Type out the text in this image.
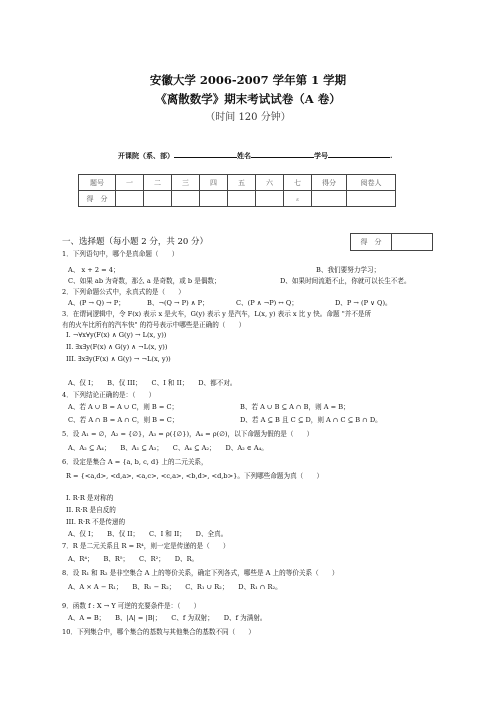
安徽大学 2006-2007 学年第 1 学期
《离散数学》期末考试试卷（A 卷）
（时间 120 分钟）
开课院（系、部）	姓名	学号	.
题号	一	二	三	四	五	六	七	得分	阅卷人
得　分							ε		
得　分	
一、选择题（每小题 2 分，共 20 分）
1．下列语句中，哪个是真命题（　　）
A、 x + 2 = 4；	B、我们要努力学习；
C、如果 ab 为奇数，那么 a 是奇数，或 b 是偶数；	D、如果时间流逝不止，你就可以长生不老。
2．下列命题公式中，永真式的是（　　）
A、(P → Q) → P；	B、¬(Q → P) ∧ P；	C、(P ∧ ¬P) ↔ Q；	D、P → (P ∨ Q)。
3．在谓词逻辑中，令 F(x) 表示 x 是火车，G(y) 表示 y 是汽车，L(x, y) 表示 x 比 y 快。命题 "并不是所
有的火车比所有的汽车快" 的符号表示中哪些是正确的（　　）
I. ¬∀x∀y(F(x) ∧ G(y) → L(x, y))
II. ∃x∃y(F(x) ∧ G(y) ∧ ¬L(x, y))
III. ∃x∃y(F(x) ∧ G(y) → ¬L(x, y))
A、仅 I；　　B、仅 III；　　C、I 和 II；　　D、都不对。
4．下列结论正确的是：（　　）
A、若 A ∪ B = A ∪ C，则 B = C；	B、若 A ∪ B ⊆ A ∩ B，则 A = B；
C、若 A ∩ B = A ∩ C，则 B = C；	D、若 A ⊆ B 且 C ⊆ D，则 A ∩ C ⊆ B ∩ D。
5．设 A₁ = ∅，A₂ = {∅}，A₃ = ρ({∅})，A₄ = ρ(∅)，以下命题为假的是（　　）
A、A₂ ⊆ A₄；　　B、A₁ ⊆ A₃；　　C、A₄ ⊆ A₂；　　D、A₂ ∈ A₄。
6．设定是集合 A = {a, b, c, d} 上的二元关系，
R = {<a,d>, <d,a>, <a,c>, <c,a>, <b,d>, <d,b>}。下列哪些命题为真（　　）
I. R·R 是对称的
II. R·R 是自反的
III. R·R 不是传递的
A、仅 I；　　B、仅 II；　　C、I 和 II；　　D、全真。
7．R 是二元关系且 R = R⁴，则一定是传递的是（　　）
A、R⁴；　　B、R⁵；　　C、R²；　　D、R。
8．设 R₁ 和 R₂ 是非空集合 A 上的等价关系，确定下列各式，哪些是 A 上的等价关系（　　）
A、A × A − R₁；　　B、R₁ − R₂；　　C、R₁ ∪ R₂；　　D、R₁ ∩ R₂。
9．函数 f : X → Y 可逆的充要条件是：（　　）
A、A = B；　　B、|A| = |B|；　　C、f 为双射；　　D、f 为满射。
10．下列集合中，哪个集合的基数与其他集合的基数不同（　　）
